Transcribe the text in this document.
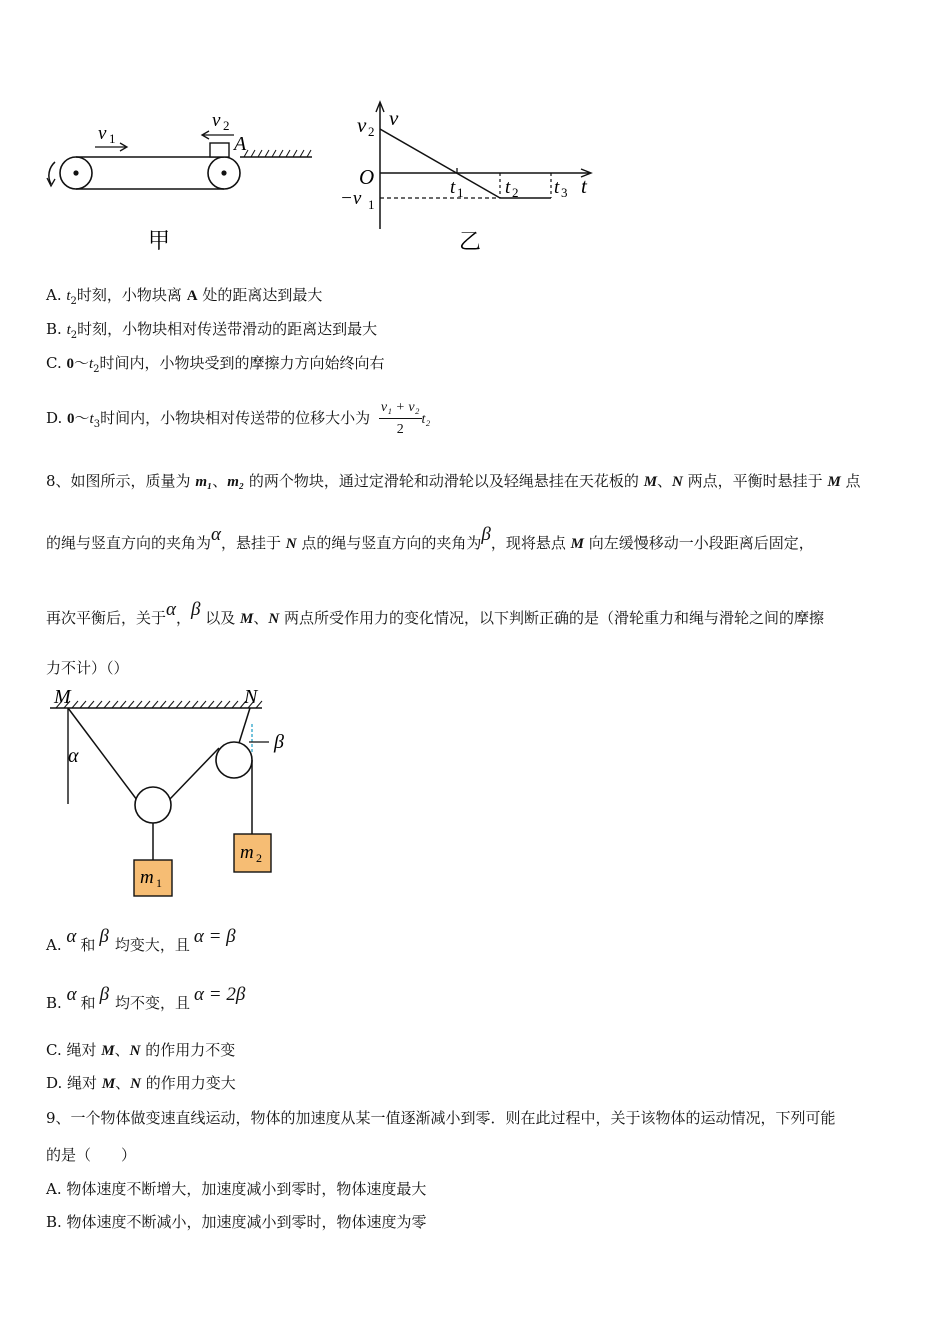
A
v 1
v 2
甲
v
v 2
O
−v 1
t 1 t 2 t 3 t
乙
A. $t_2$时刻，小物块离 A 处的距离达到最大
B. $t_2$时刻，小物块相对传送带滑动的距离达到最大
C. $0\sim t_2$时间内，小物块受到的摩擦力方向始终向右
D. $0\sim t_3$时间内，小物块相对传送带的位移大小为 $\frac{\text{v₁ + v₂}}{2} t_2$
8、如图所示，质量为 m₁、m₂ 的两个物块，通过定滑轮和动滑轮以及轻绳悬挂在天花板的 M、N 两点，平衡时悬挂于 M 点
的绳与竖直方向的夹角为α，悬挂于 N 点的绳与竖直方向的夹角为β，现将悬点 M 向左缓慢移动一小段距离后固定，
再次平衡后，关于α，β 以及 M、N 两点所受作用力的变化情况，以下判断正确的是（滑轮重力和绳与滑轮之间的摩擦
力不计）（）
M	N
α
β
m 1
m 2
A. α 和 β 均变大，且 α = β
B. α 和 β 均不变，且 α = 2β
C. 绳对 M、N 的作用力不变
D. 绳对 M、N 的作用力变大
9、一个物体做变速直线运动，物体的加速度从某一值逐渐减小到零．则在此过程中，关于该物体的运动情况，下列可能
的是（　　）
A. 物体速度不断增大，加速度减小到零时，物体速度最大
B. 物体速度不断减小，加速度减小到零时，物体速度为零
